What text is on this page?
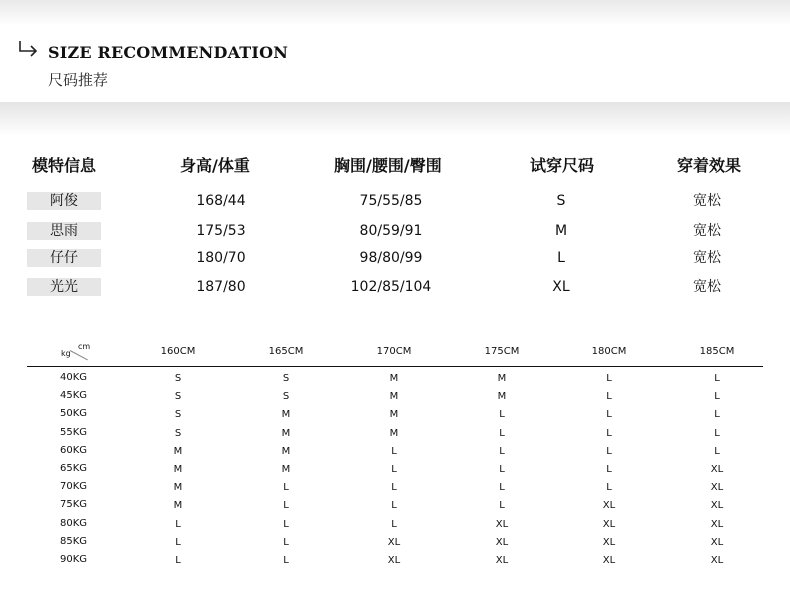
SIZE RECOMMENDATION
尺码推荐
模特信息	身高/体重	胸围/腰围/臀围	试穿尺码	穿着效果
阿俊	168/44	75/55/85	S	宽松
思雨	175/53	80/59/91	M	宽松
仔仔	180/70	98/80/99	L	宽松
光光	187/80	102/85/104	XL	宽松
cm
kg	160CM	165CM	170CM	175CM	180CM	185CM
40KG	S	S	M	M	L	L
45KG	S	S	M	M	L	L
50KG	S	M	M	L	L	L
55KG	S	M	M	L	L	L
60KG	M	M	L	L	L	L
65KG	M	M	L	L	L	XL
70KG	M	L	L	L	L	XL
75KG	M	L	L	L	XL	XL
80KG	L	L	L	XL	XL	XL
85KG	L	L	XL	XL	XL	XL
90KG	L	L	XL	XL	XL	XL
